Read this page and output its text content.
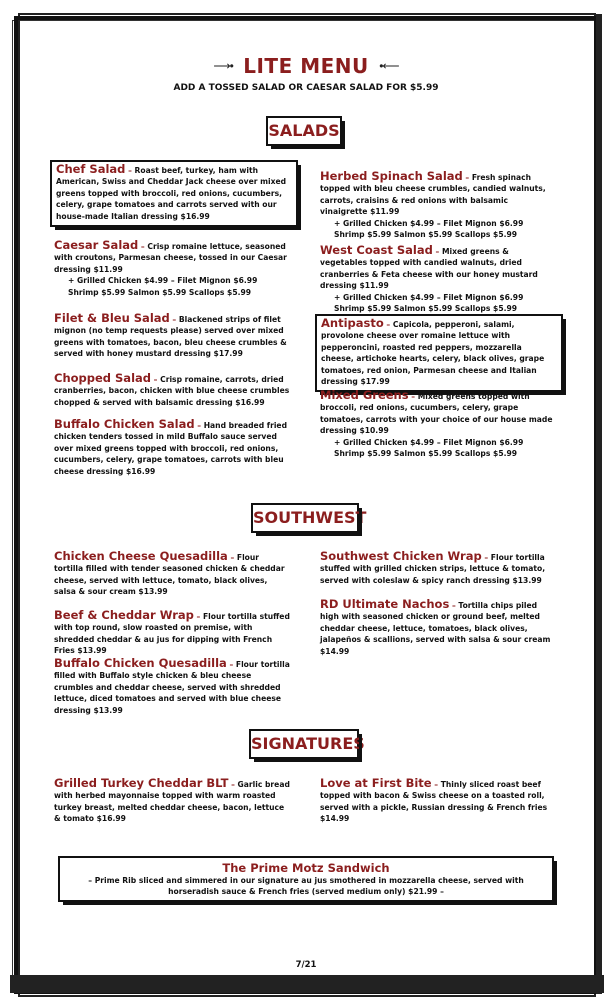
⟶• LITE MENU •⟵
ADD A TOSSED SALAD OR CAESAR SALAD FOR $5.99
SALADS
Chef Salad – Roast beef, turkey, ham with American, Swiss and Cheddar Jack cheese over mixed greens topped with broccoli, red onions, cucumbers, celery, grape tomatoes and carrots served with our house-made Italian dressing $16.99
Caesar Salad – Crisp romaine lettuce, seasoned with croutons, Parmesan cheese, tossed in our Caesar dressing $11.99
+ Grilled Chicken $4.99 – Filet Mignon $6.99 Shrimp $5.99 Salmon $5.99 Scallops $5.99
Filet & Bleu Salad – Blackened strips of filet mignon (no temp requests please) served over mixed greens with tomatoes, bacon, bleu cheese crumbles & served with honey mustard dressing $17.99
Chopped Salad – Crisp romaine, carrots, dried cranberries, bacon, chicken with blue cheese crumbles chopped & served with balsamic dressing $16.99
Buffalo Chicken Salad – Hand breaded fried chicken tenders tossed in mild Buffalo sauce served over mixed greens topped with broccoli, red onions, cucumbers, celery, grape tomatoes, carrots with bleu cheese dressing $16.99
Herbed Spinach Salad – Fresh spinach topped with bleu cheese crumbles, candied walnuts, carrots, craisins & red onions with balsamic vinaigrette $11.99
+ Grilled Chicken $4.99 – Filet Mignon $6.99 Shrimp $5.99 Salmon $5.99 Scallops $5.99
West Coast Salad – Mixed greens & vegetables topped with candied walnuts, dried cranberries & Feta cheese with our honey mustard dressing $11.99
+ Grilled Chicken $4.99 – Filet Mignon $6.99 Shrimp $5.99 Salmon $5.99 Scallops $5.99
Antipasto – Capicola, pepperoni, salami, provolone cheese over romaine lettuce with pepperoncini, roasted red peppers, mozzarella cheese, artichoke hearts, celery, black olives, grape tomatoes, red onion, Parmesan cheese and Italian dressing $17.99
Mixed Greens – Mixed greens topped with broccoli, red onions, cucumbers, celery, grape tomatoes, carrots with your choice of our house made dressing $10.99
+ Grilled Chicken $4.99 – Filet Mignon $6.99 Shrimp $5.99 Salmon $5.99 Scallops $5.99
SOUTHWEST
Chicken Cheese Quesadilla – Flour tortilla filled with tender seasoned chicken & cheddar cheese, served with lettuce, tomato, black olives, salsa & sour cream $13.99
Beef & Cheddar Wrap – Flour tortilla stuffed with top round, slow roasted on premise, with shredded cheddar & au jus for dipping with French Fries $13.99
Buffalo Chicken Quesadilla – Flour tortilla filled with Buffalo style chicken & bleu cheese crumbles and cheddar cheese, served with shredded lettuce, diced tomatoes and served with blue cheese dressing $13.99
Southwest Chicken Wrap – Flour tortilla stuffed with grilled chicken strips, lettuce & tomato, served with coleslaw & spicy ranch dressing $13.99
RD Ultimate Nachos – Tortilla chips piled high with seasoned chicken or ground beef, melted cheddar cheese, lettuce, tomatoes, black olives, jalapeños & scallions, served with salsa & sour cream $14.99
SIGNATURES
Grilled Turkey Cheddar BLT – Garlic bread with herbed mayonnaise topped with warm roasted turkey breast, melted cheddar cheese, bacon, lettuce & tomato $16.99
Love at First Bite – Thinly sliced roast beef topped with bacon & Swiss cheese on a toasted roll, served with a pickle, Russian dressing & French fries $14.99
The Prime Motz Sandwich
– Prime Rib sliced and simmered in our signature au jus smothered in mozzarella cheese, served with horseradish sauce & French fries (served medium only) $21.99 –
7/21
